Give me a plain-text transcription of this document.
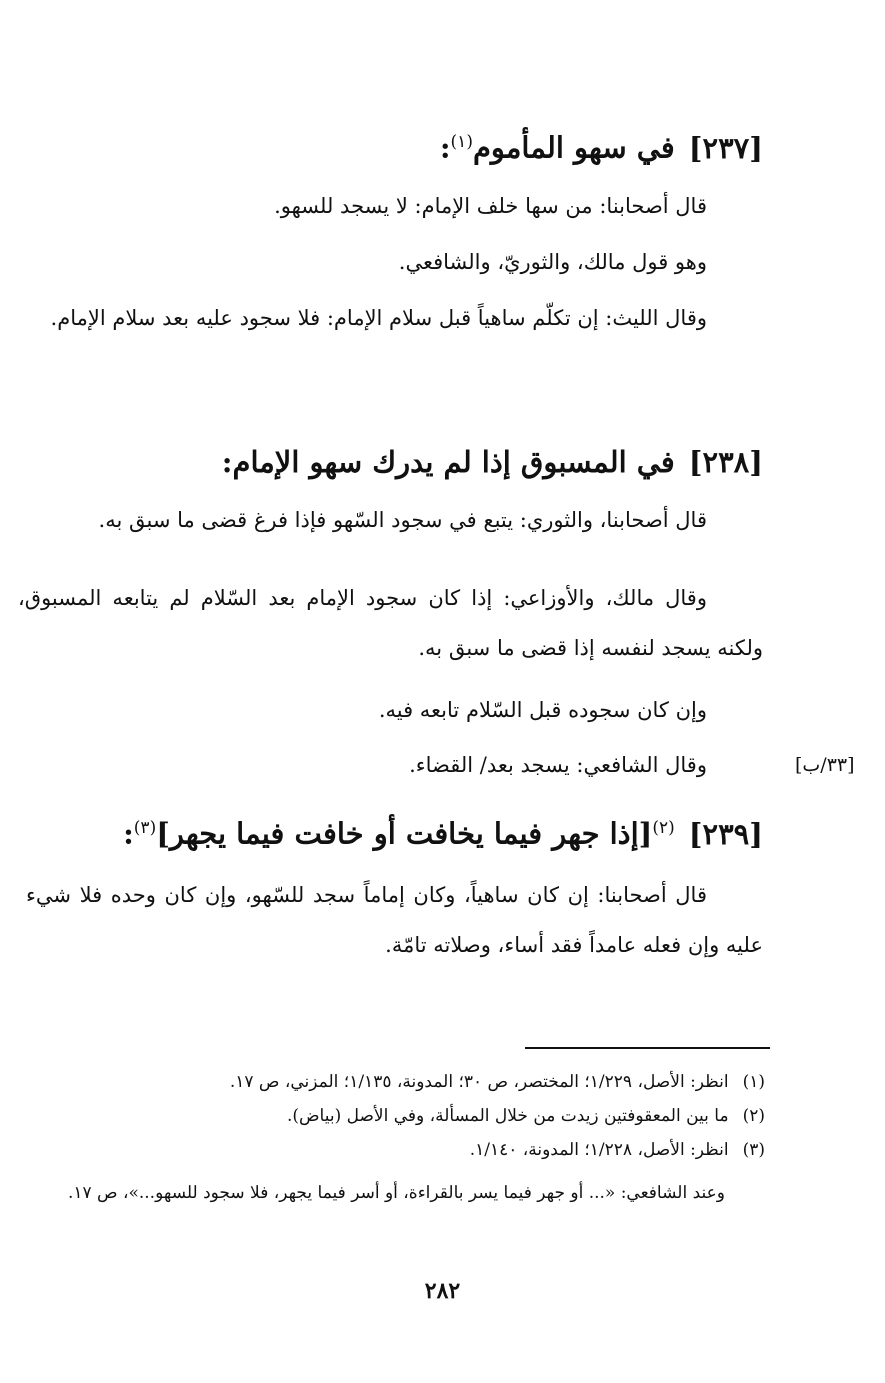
[٢٣٧]في سهو المأموم$^{(١)}$:
قال أصحابنا: من سها خلف الإمام: لا يسجد للسهو.
وهو قول مالك، والثوريّ، والشافعي.
وقال الليث: إن تكلّم ساهياً قبل سلام الإمام: فلا سجود عليه بعد سلام الإمام.
[٢٣٨]في المسبوق إذا لم يدرك سهو الإمام:
قال أصحابنا، والثوري: يتبع في سجود السّهو فإذا فرغ قضى ما سبق به.
وقال مالك، والأوزاعي: إذا كان سجود الإمام بعد السّلام لم يتابعه المسبوق، ولكنه يسجد لنفسه إذا قضى ما سبق به.
وإن كان سجوده قبل السّلام تابعه فيه.
وقال الشافعي: يسجد بعد/ القضاء.	[٣٣/ب]
[٢٣٩]$^{(٢)}$[إذا جهر فيما يخافت أو خافت فيما يجهر]$^{(٣)}$:
قال أصحابنا: إن كان ساهياً، وكان إماماً سجد للسّهو، وإن كان وحده فلا شيء عليه وإن فعله عامداً فقد أساء، وصلاته تامّة.
(١)انظر: الأصل، ١/٢٢٩؛ المختصر، ص ٣٠؛ المدونة، ١/١٣٥؛ المزني، ص ١٧.
(٢)ما بين المعقوفتين زيدت من خلال المسألة، وفي الأصل (بياض).
(٣)انظر: الأصل، ١/٢٢٨؛ المدونة، ١/١٤٠.
وعند الشافعي: «... أو جهر فيما يسر بالقراءة، أو أسر فيما يجهر، فلا سجود للسهو...»، ص ١٧.
٢٨٢
